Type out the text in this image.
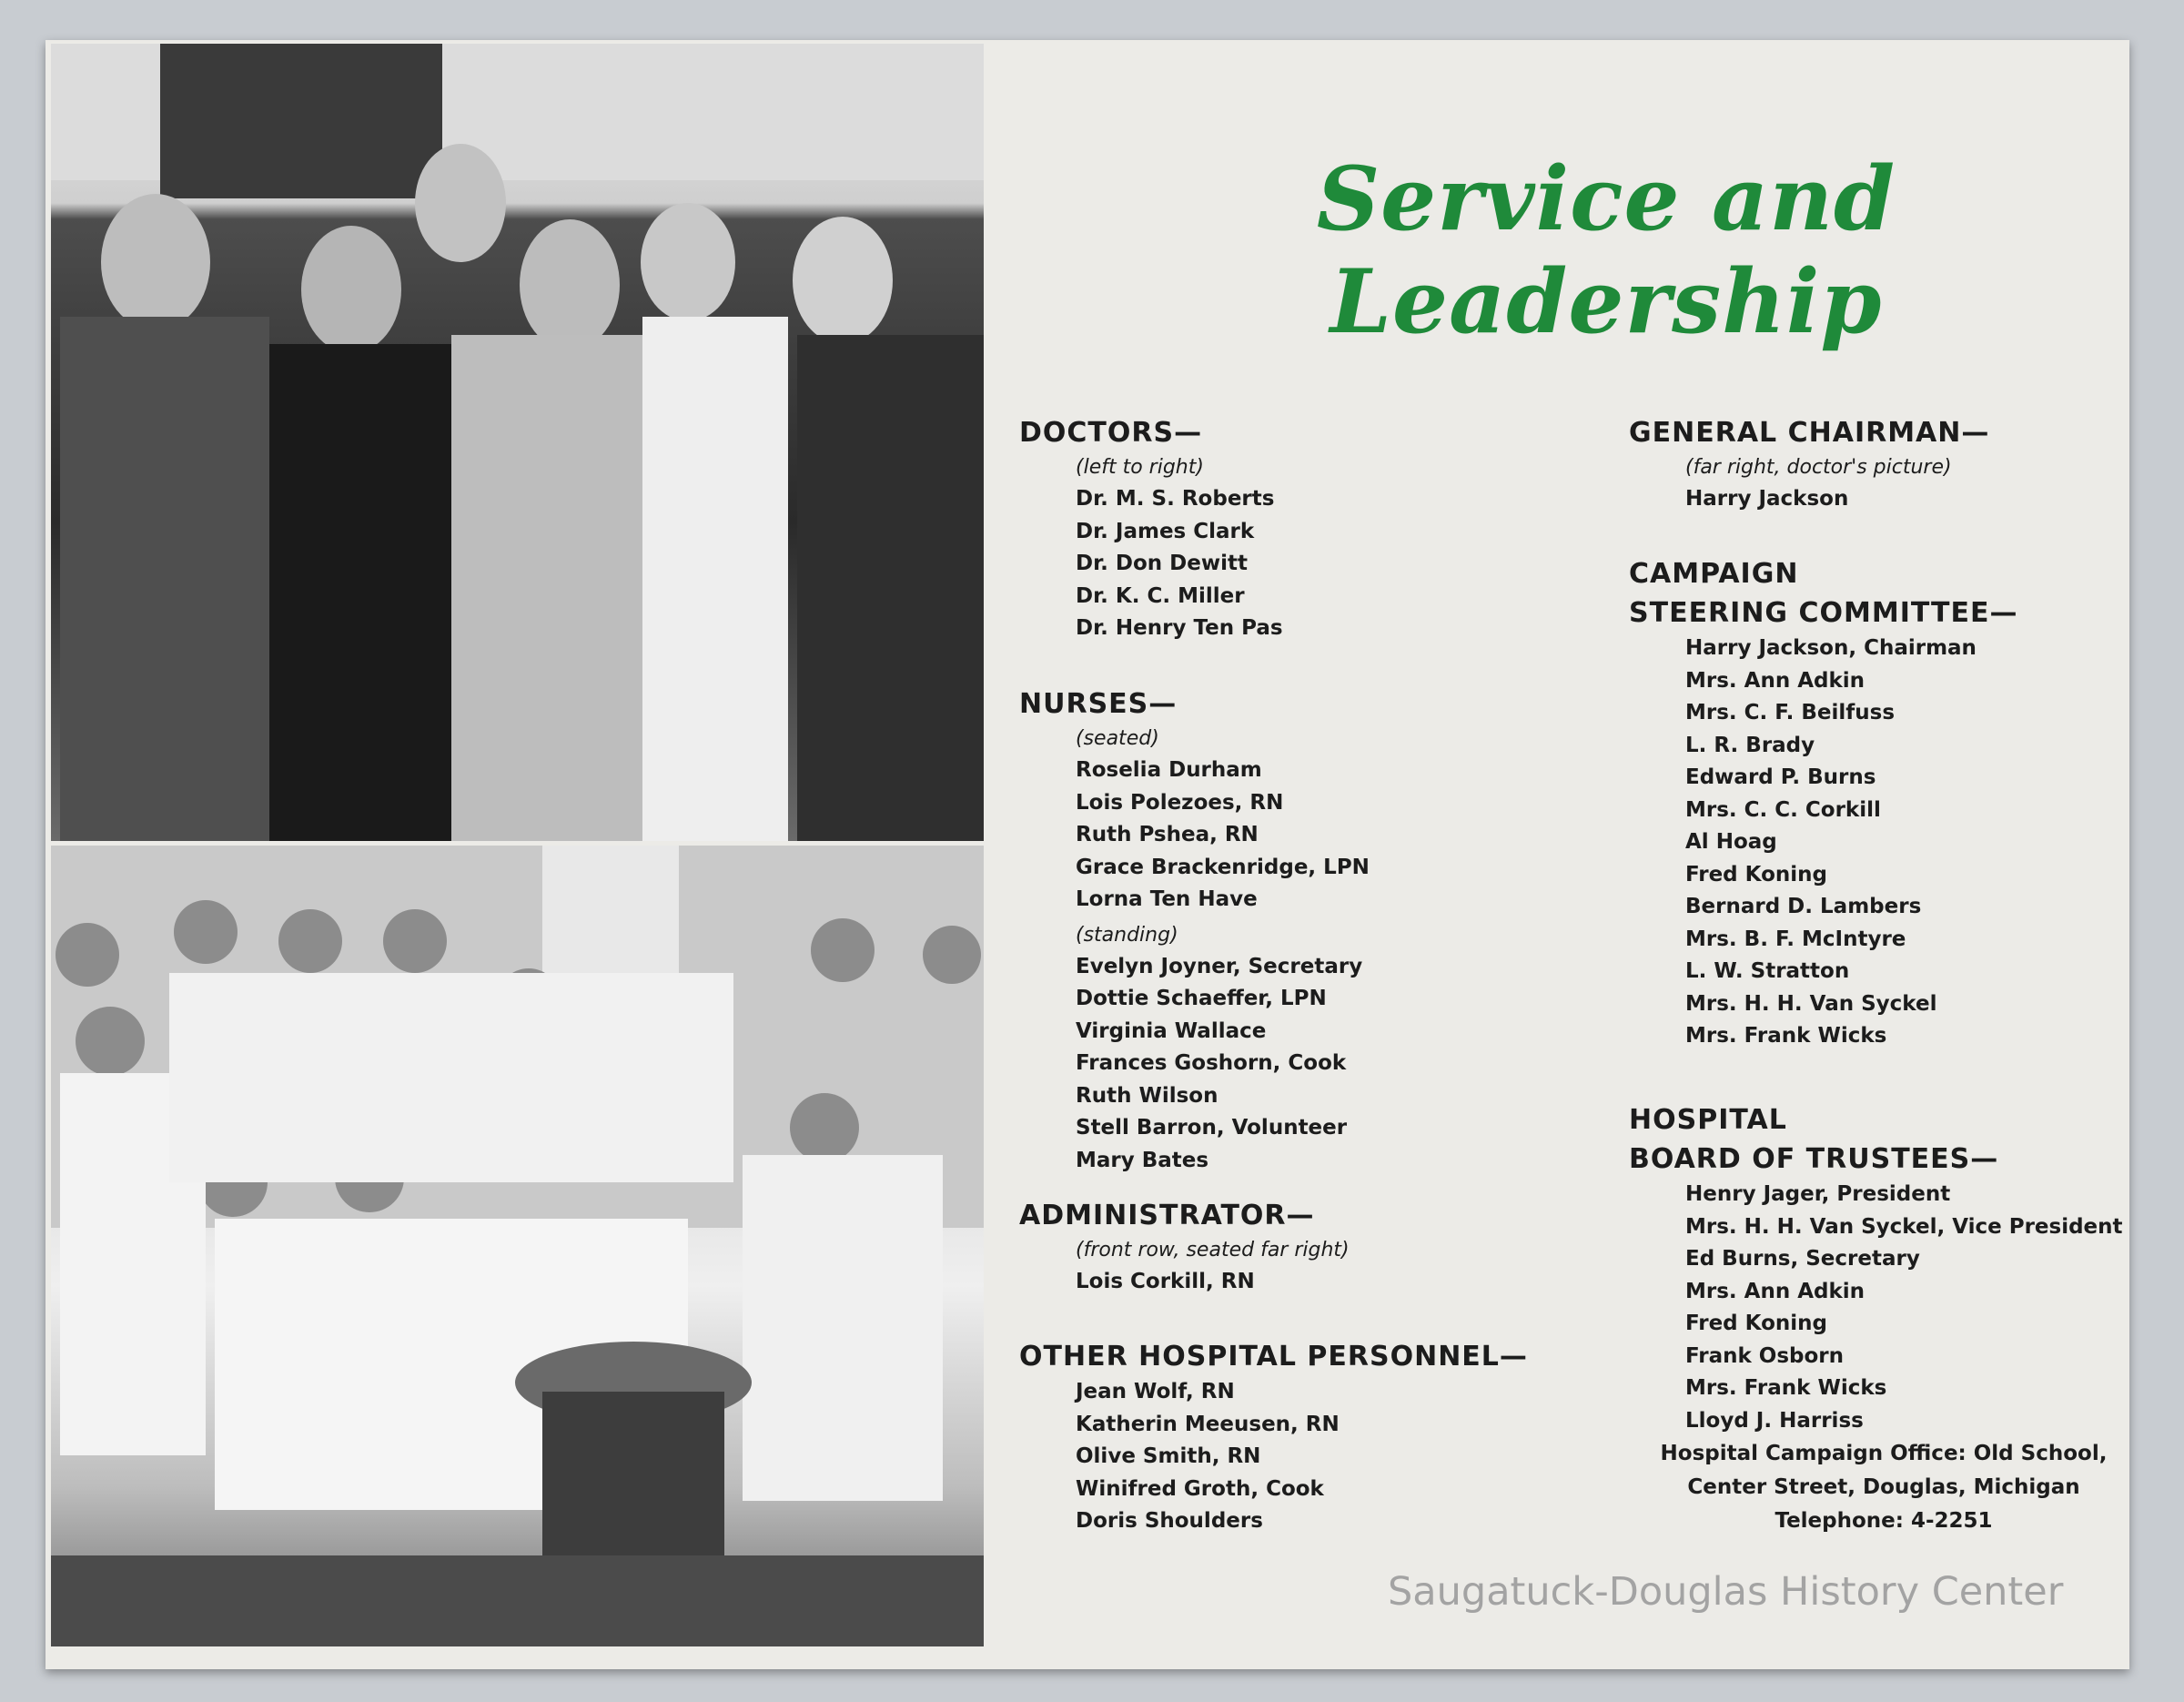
Service and Leadership
DOCTORS—
(left to right)
Dr. M. S. Roberts
Dr. James Clark
Dr. Don Dewitt
Dr. K. C. Miller
Dr. Henry Ten Pas
NURSES—
(seated)
Roselia Durham
Lois Polezoes, RN
Ruth Pshea, RN
Grace Brackenridge, LPN
Lorna Ten Have
(standing)
Evelyn Joyner, Secretary
Dottie Schaeffer, LPN
Virginia Wallace
Frances Goshorn, Cook
Ruth Wilson
Stell Barron, Volunteer
Mary Bates
ADMINISTRATOR—
(front row, seated far right)
Lois Corkill, RN
OTHER HOSPITAL PERSONNEL—
Jean Wolf, RN
Katherin Meeusen, RN
Olive Smith, RN
Winifred Groth, Cook
Doris Shoulders
GENERAL CHAIRMAN—
(far right, doctor's picture)
Harry Jackson
CAMPAIGN
STEERING COMMITTEE—
Harry Jackson, Chairman
Mrs. Ann Adkin
Mrs. C. F. Beilfuss
L. R. Brady
Edward P. Burns
Mrs. C. C. Corkill
Al Hoag
Fred Koning
Bernard D. Lambers
Mrs. B. F. McIntyre
L. W. Stratton
Mrs. H. H. Van Syckel
Mrs. Frank Wicks
HOSPITAL
BOARD OF TRUSTEES—
Henry Jager, President
Mrs. H. H. Van Syckel, Vice President
Ed Burns, Secretary
Mrs. Ann Adkin
Fred Koning
Frank Osborn
Mrs. Frank Wicks
Lloyd J. Harriss
Hospital Campaign Office: Old School,
Center Street, Douglas, Michigan
Telephone: 4-2251
Saugatuck-Douglas History Center
